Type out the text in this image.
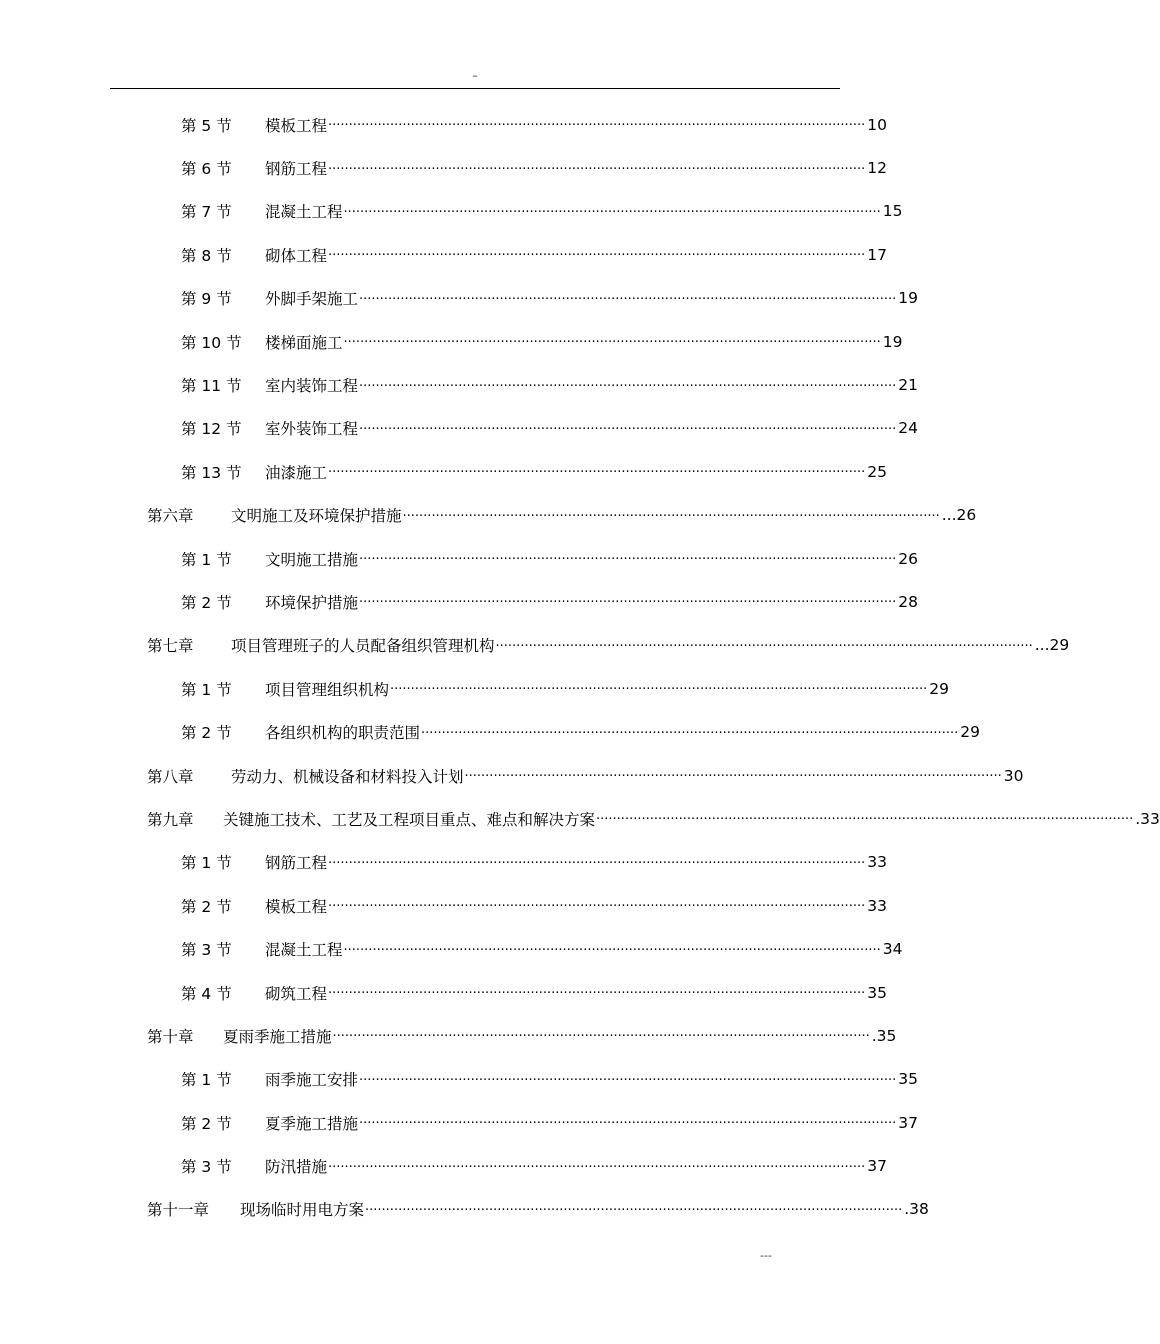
–
第 5 节 模板工程 ·································································································································· 10
第 6 节 钢筋工程 ·································································································································· 12
第 7 节 混凝土工程 ·································································································································· 15
第 8 节 砌体工程 ·································································································································· 17
第 9 节 外脚手架施工 ·································································································································· 19
第 10 节 楼梯面施工 ·································································································································· 19
第 11 节 室内装饰工程 ·································································································································· 21
第 12 节 室外装饰工程 ·································································································································· 24
第 13 节 油漆施工 ·································································································································· 25
第六章 文明施工及环境保护措施 ·································································································································· ...26
第 1 节 文明施工措施 ·································································································································· 26
第 2 节 环境保护措施 ·································································································································· 28
第七章 项目管理班子的人员配备组织管理机构 ·································································································································· ...29
第 1 节 项目管理组织机构 ·································································································································· 29
第 2 节 各组织机构的职责范围 ·································································································································· 29
第八章 劳动力、机械设备和材料投入计划 ·································································································································· 30
第九章 关键施工技术、工艺及工程项目重点、难点和解决方案 ·································································································································· .33
第 1 节 钢筋工程 ·································································································································· 33
第 2 节 模板工程 ·································································································································· 33
第 3 节 混凝土工程 ·································································································································· 34
第 4 节 砌筑工程 ·································································································································· 35
第十章 夏雨季施工措施 ·································································································································· .35
第 1 节 雨季施工安排 ·································································································································· 35
第 2 节 夏季施工措施 ·································································································································· 37
第 3 节 防汛措施 ·································································································································· 37
第十一章 现场临时用电方案 ·································································································································· .38
---
